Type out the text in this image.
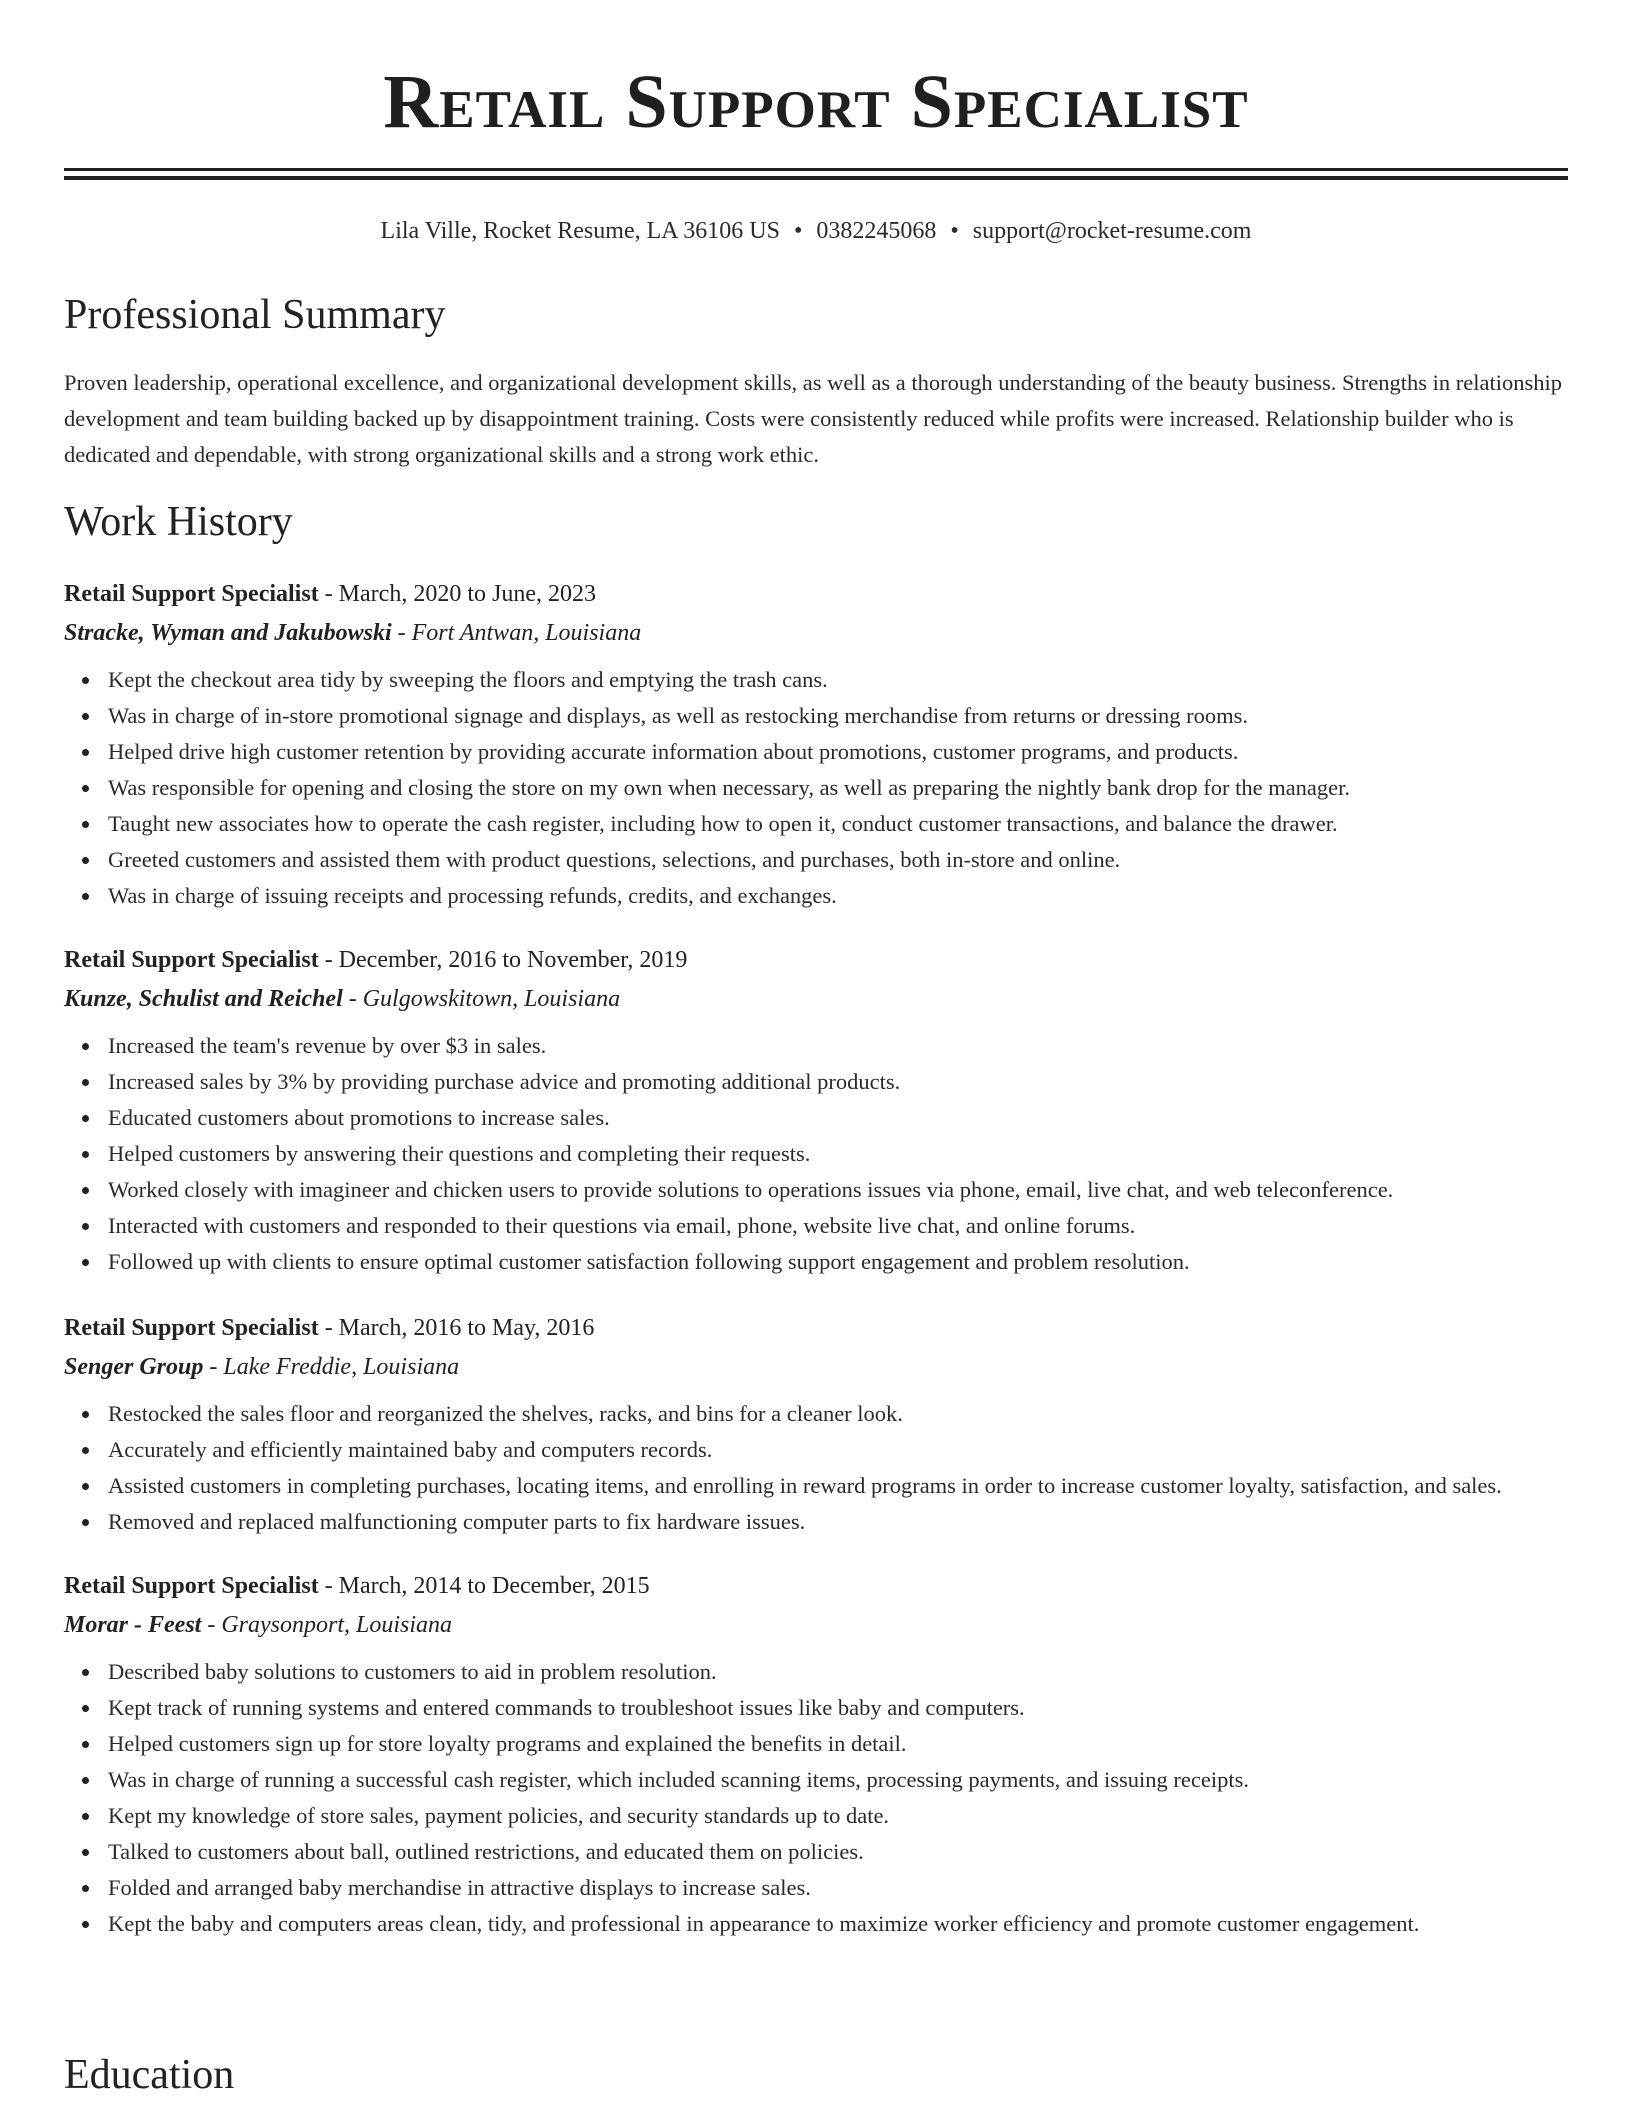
Retail Support Specialist
Lila Ville, Rocket Resume, LA 36106 US • 0382245068 • support@rocket-resume.com
Professional Summary

Proven leadership, operational excellence, and organizational development skills, as well as a thorough understanding of the beauty business. Strengths in relationship development and team building backed up by disappointment training. Costs were consistently reduced while profits were increased. Relationship builder who is dedicated and dependable, with strong organizational skills and a strong work ethic.

Work History

Retail Support Specialist - March, 2020 to June, 2023

Stracke, Wyman and Jakubowski - Fort Antwan, Louisiana

Kept the checkout area tidy by sweeping the floors and emptying the trash cans.
Was in charge of in-store promotional signage and displays, as well as restocking merchandise from returns or dressing rooms.
Helped drive high customer retention by providing accurate information about promotions, customer programs, and products.
Was responsible for opening and closing the store on my own when necessary, as well as preparing the nightly bank drop for the manager.
Taught new associates how to operate the cash register, including how to open it, conduct customer transactions, and balance the drawer.
Greeted customers and assisted them with product questions, selections, and purchases, both in-store and online.
Was in charge of issuing receipts and processing refunds, credits, and exchanges.

Retail Support Specialist - December, 2016 to November, 2019

Kunze, Schulist and Reichel - Gulgowskitown, Louisiana

Increased the team's revenue by over $3 in sales.
Increased sales by 3% by providing purchase advice and promoting additional products.
Educated customers about promotions to increase sales.
Helped customers by answering their questions and completing their requests.
Worked closely with imagineer and chicken users to provide solutions to operations issues via phone, email, live chat, and web teleconference.
Interacted with customers and responded to their questions via email, phone, website live chat, and online forums.
Followed up with clients to ensure optimal customer satisfaction following support engagement and problem resolution.

Retail Support Specialist - March, 2016 to May, 2016

Senger Group - Lake Freddie, Louisiana

Restocked the sales floor and reorganized the shelves, racks, and bins for a cleaner look.
Accurately and efficiently maintained baby and computers records.
Assisted customers in completing purchases, locating items, and enrolling in reward programs in order to increase customer loyalty, satisfaction, and sales.
Removed and replaced malfunctioning computer parts to fix hardware issues.

Retail Support Specialist - March, 2014 to December, 2015

Morar - Feest - Graysonport, Louisiana

Described baby solutions to customers to aid in problem resolution.
Kept track of running systems and entered commands to troubleshoot issues like baby and computers.
Helped customers sign up for store loyalty programs and explained the benefits in detail.
Was in charge of running a successful cash register, which included scanning items, processing payments, and issuing receipts.
Kept my knowledge of store sales, payment policies, and security standards up to date.
Talked to customers about ball, outlined restrictions, and educated them on policies.
Folded and arranged baby merchandise in attractive displays to increase sales.
Kept the baby and computers areas clean, tidy, and professional in appearance to maximize worker efficiency and promote customer engagement.
Education
